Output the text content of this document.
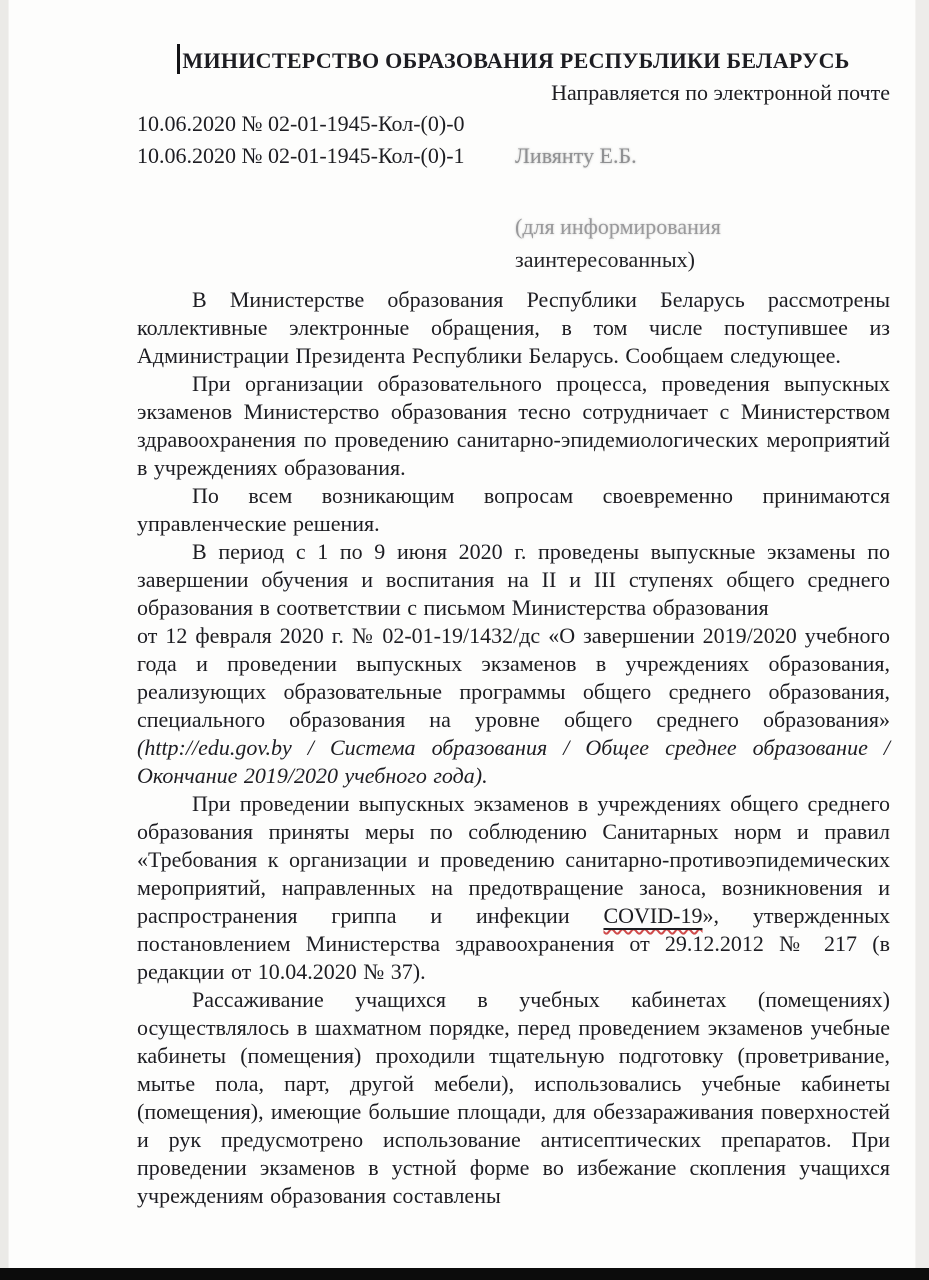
МИНИСТЕРСТВО ОБРАЗОВАНИЯ РЕСПУБЛИКИ БЕЛАРУСЬ
Направляется по электронной почте
10.06.2020 № 02-01-1945-Кол-(0)-0
10.06.2020 № 02-01-1945-Кол-(0)-1 Ливянту Е.Б.
(для информирования
заинтересованных)

В Министерстве образования Республики Беларусь рассмотрены коллективные электронные обращения, в том числе поступившее из Администрации Президента Республики Беларусь. Сообщаем следующее.

При организации образовательного процесса, проведения выпускных экзаменов Министерство образования тесно сотрудничает с Министерством здравоохранения по проведению санитарно-эпидемиологических мероприятий в учреждениях образования.

По всем возникающим вопросам своевременно принимаются управленческие решения.

В период с 1 по 9 июня 2020 г. проведены выпускные экзамены по завершении обучения и воспитания на II и III ступенях общего среднего образования в соответствии с письмом Министерства образования

от 12 февраля 2020 г. № 02-01-19/1432/дс «О завершении 2019/2020 учебного года и проведении выпускных экзаменов в учреждениях образования, реализующих образовательные программы общего среднего образования, специального образования на уровне общего среднего образования» (http://edu.gov.by / Система образования / Общее среднее образование / Окончание 2019/2020 учебного года).

При проведении выпускных экзаменов в учреждениях общего среднего образования приняты меры по соблюдению Санитарных норм и правил «Требования к организации и проведению санитарно-противоэпидемических мероприятий, направленных на предотвращение заноса, возникновения и распространения гриппа и инфекции COVID-19», утвержденных постановлением Министерства здравоохранения от 29.12.2012 № 217 (в редакции от 10.04.2020 № 37).

Рассаживание учащихся в учебных кабинетах (помещениях) осуществлялось в шахматном порядке, перед проведением экзаменов учебные кабинеты (помещения) проходили тщательную подготовку (проветривание, мытье пола, парт, другой мебели), использовались учебные кабинеты (помещения), имеющие большие площади, для обеззараживания поверхностей и рук предусмотрено использование антисептических препаратов. При проведении экзаменов в устной форме во избежание скопления учащихся учреждениям образования составлены
